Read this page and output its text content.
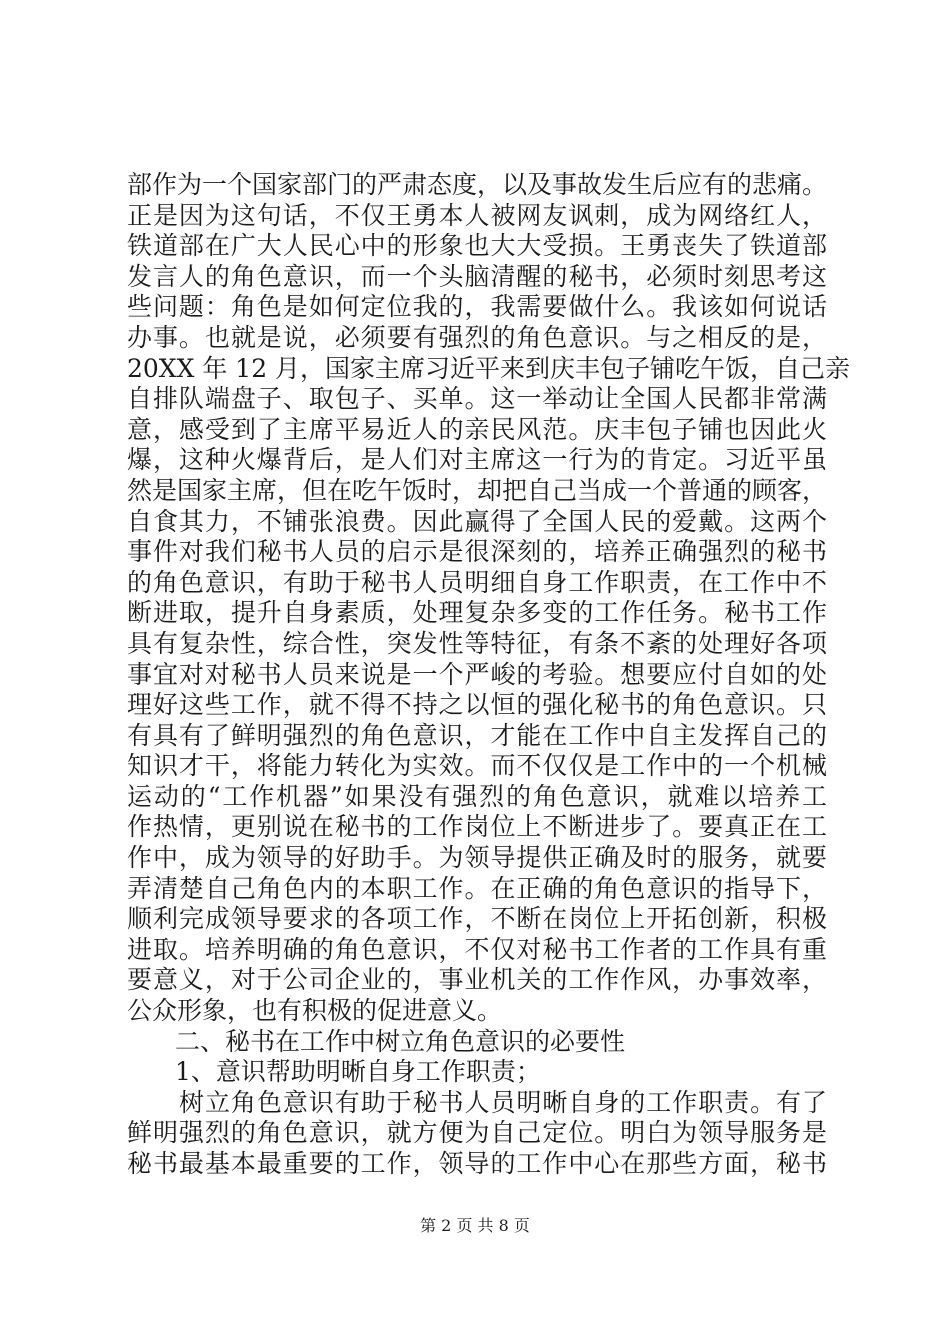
部作为一个国家部门的严肃态度，以及事故发生后应有的悲痛。
正是因为这句话，不仅王勇本人被网友讽刺，成为网络红人，
铁道部在广大人民心中的形象也大大受损。王勇丧失了铁道部
发言人的角色意识，而一个头脑清醒的秘书，必须时刻思考这
些问题：角色是如何定位我的，我需要做什么。我该如何说话
办事。也就是说，必须要有强烈的角色意识。与之相反的是，
20XX 年 12 月，国家主席习近平来到庆丰包子铺吃午饭，自己亲
自排队端盘子、取包子、买单。这一举动让全国人民都非常满
意，感受到了主席平易近人的亲民风范。庆丰包子铺也因此火
爆，这种火爆背后，是人们对主席这一行为的肯定。习近平虽
然是国家主席，但在吃午饭时，却把自己当成一个普通的顾客，
自食其力，不铺张浪费。因此赢得了全国人民的爱戴。这两个
事件对我们秘书人员的启示是很深刻的，培养正确强烈的秘书
的角色意识，有助于秘书人员明细自身工作职责，在工作中不
断进取，提升自身素质，处理复杂多变的工作任务。秘书工作
具有复杂性，综合性，突发性等特征，有条不紊的处理好各项
事宜对对秘书人员来说是一个严峻的考验。想要应付自如的处
理好这些工作，就不得不持之以恒的强化秘书的角色意识。只
有具有了鲜明强烈的角色意识，才能在工作中自主发挥自己的
知识才干，将能力转化为实效。而不仅仅是工作中的一个机械
运动的“工作机器”如果没有强烈的角色意识，就难以培养工
作热情，更别说在秘书的工作岗位上不断进步了。要真正在工
作中，成为领导的好助手。为领导提供正确及时的服务，就要
弄清楚自己角色内的本职工作。在正确的角色意识的指导下，
顺利完成领导要求的各项工作，不断在岗位上开拓创新，积极
进取。培养明确的角色意识，不仅对秘书工作者的工作具有重
要意义，对于公司企业的，事业机关的工作作风，办事效率，
公众形象，也有积极的促进意义。
二、秘书在工作中树立角色意识的必要性
1、意识帮助明晰自身工作职责；
树立角色意识有助于秘书人员明晰自身的工作职责。有了
鲜明强烈的角色意识，就方便为自己定位。明白为领导服务是
秘书最基本最重要的工作，领导的工作中心在那些方面，秘书
第 2 页 共 8 页
